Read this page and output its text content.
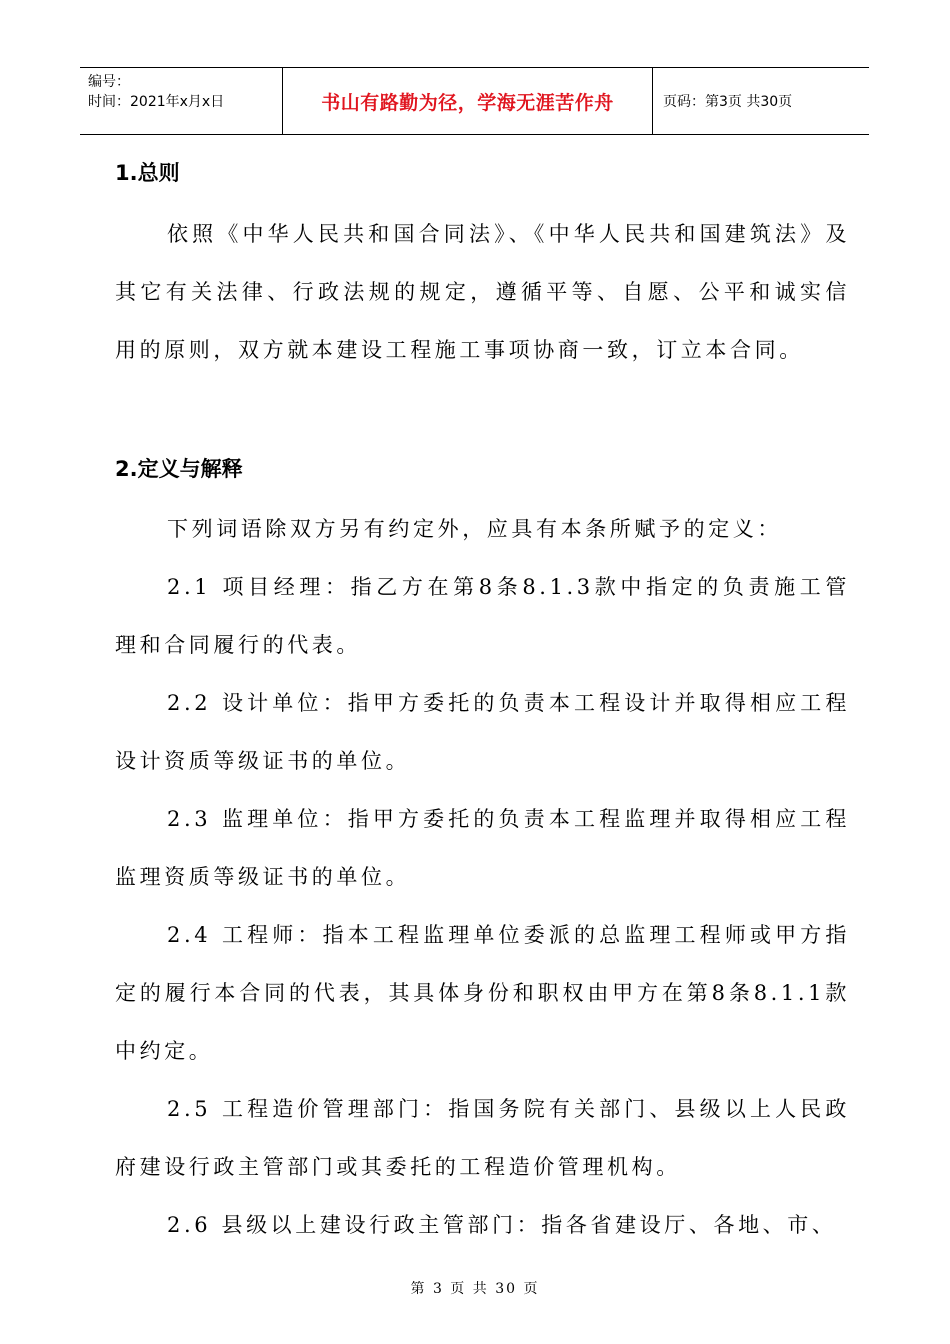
编号：
时间：2021年x月x日	书山有路勤为径，学海无涯苦作舟	页码：第3页 共30页
1.总则

依照《中华人民共和国合同法》、《中华人民共和国建筑法》及其它有关法律、行政法规的规定，遵循平等、自愿、公平和诚实信用的原则，双方就本建设工程施工事项协商一致，订立本合同。

2.定义与解释

下列词语除双方另有约定外，应具有本条所赋予的定义：

2.1 项目经理：指乙方在第8条8.1.3款中指定的负责施工管理和合同履行的代表。

2.2 设计单位：指甲方委托的负责本工程设计并取得相应工程设计资质等级证书的单位。

2.3 监理单位：指甲方委托的负责本工程监理并取得相应工程监理资质等级证书的单位。

2.4 工程师：指本工程监理单位委派的总监理工程师或甲方指定的履行本合同的代表，其具体身份和职权由甲方在第8条8.1.1款中约定。

2.5 工程造价管理部门：指国务院有关部门、县级以上人民政府建设行政主管部门或其委托的工程造价管理机构。

2.6 县级以上建设行政主管部门：指各省建设厅、各地、市、

第 3 页 共 30 页
